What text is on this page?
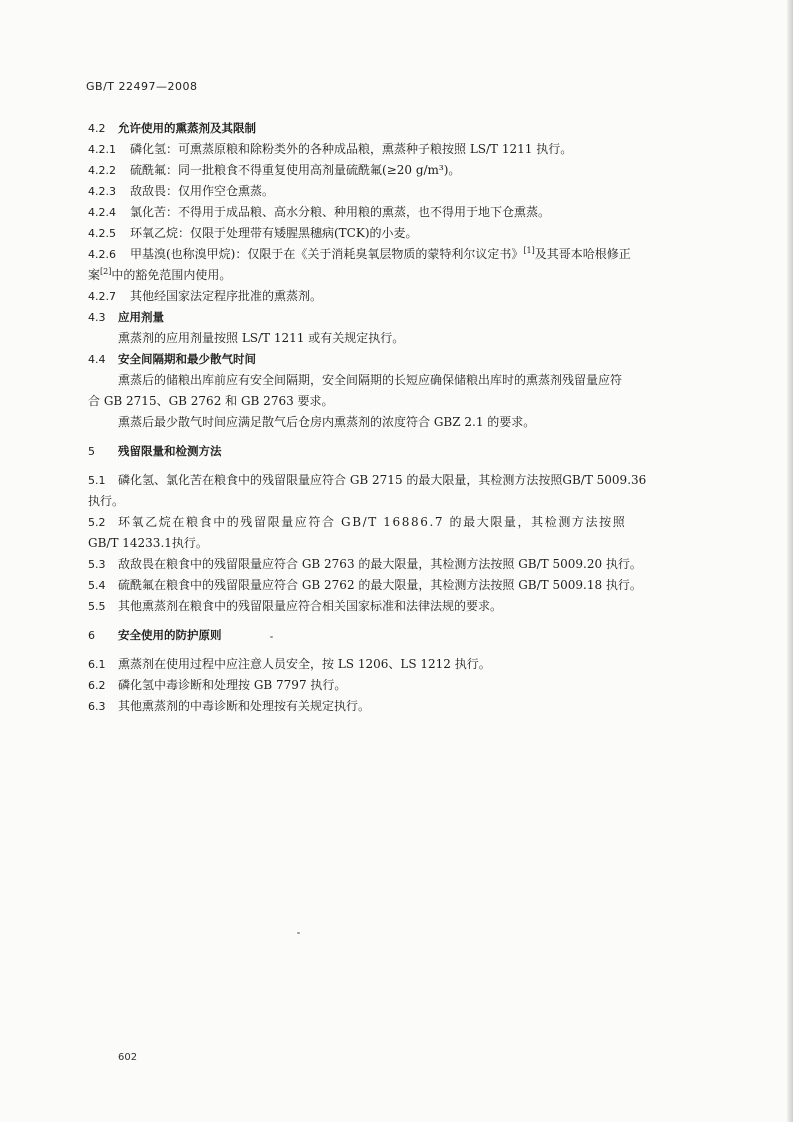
GB/T 22497—2008
4.2 允许使用的熏蒸剂及其限制
4.2.1 磷化氢：可熏蒸原粮和除粉类外的各种成品粮，熏蒸种子粮按照 LS/T 1211 执行。
4.2.2 硫酰氟：同一批粮食不得重复使用高剂量硫酰氟(≥20 g/m³)。
4.2.3 敌敌畏：仅用作空仓熏蒸。
4.2.4 氯化苦：不得用于成品粮、高水分粮、种用粮的熏蒸，也不得用于地下仓熏蒸。
4.2.5 环氧乙烷：仅限于处理带有矮腥黑穗病(TCK)的小麦。
4.2.6 甲基溴(也称溴甲烷)：仅限于在《关于消耗臭氧层物质的蒙特利尔议定书》[1]及其哥本哈根修正
案[2]中的豁免范围内使用。
4.2.7 其他经国家法定程序批准的熏蒸剂。
4.3 应用剂量
熏蒸剂的应用剂量按照 LS/T 1211 或有关规定执行。
4.4 安全间隔期和最少散气时间
熏蒸后的储粮出库前应有安全间隔期，安全间隔期的长短应确保储粮出库时的熏蒸剂残留量应符
合 GB 2715、GB 2762 和 GB 2763 要求。
熏蒸后最少散气时间应满足散气后仓房内熏蒸剂的浓度符合 GBZ 2.1 的要求。
5 残留限量和检测方法
5.1 磷化氢、氯化苦在粮食中的残留限量应符合 GB 2715 的最大限量，其检测方法按照GB/T 5009.36
执行。
5.2 环氧乙烷在粮食中的残留限量应符合 GB/T 16886.7 的最大限量，其检测方法按照
GB/T 14233.1执行。
5.3 敌敌畏在粮食中的残留限量应符合 GB 2763 的最大限量，其检测方法按照 GB/T 5009.20 执行。
5.4 硫酰氟在粮食中的残留限量应符合 GB 2762 的最大限量，其检测方法按照 GB/T 5009.18 执行。
5.5 其他熏蒸剂在粮食中的残留限量应符合相关国家标准和法律法规的要求。
6 安全使用的防护原则
6.1 熏蒸剂在使用过程中应注意人员安全，按 LS 1206、LS 1212 执行。
6.2 磷化氢中毒诊断和处理按 GB 7797 执行。
6.3 其他熏蒸剂的中毒诊断和处理按有关规定执行。
602
